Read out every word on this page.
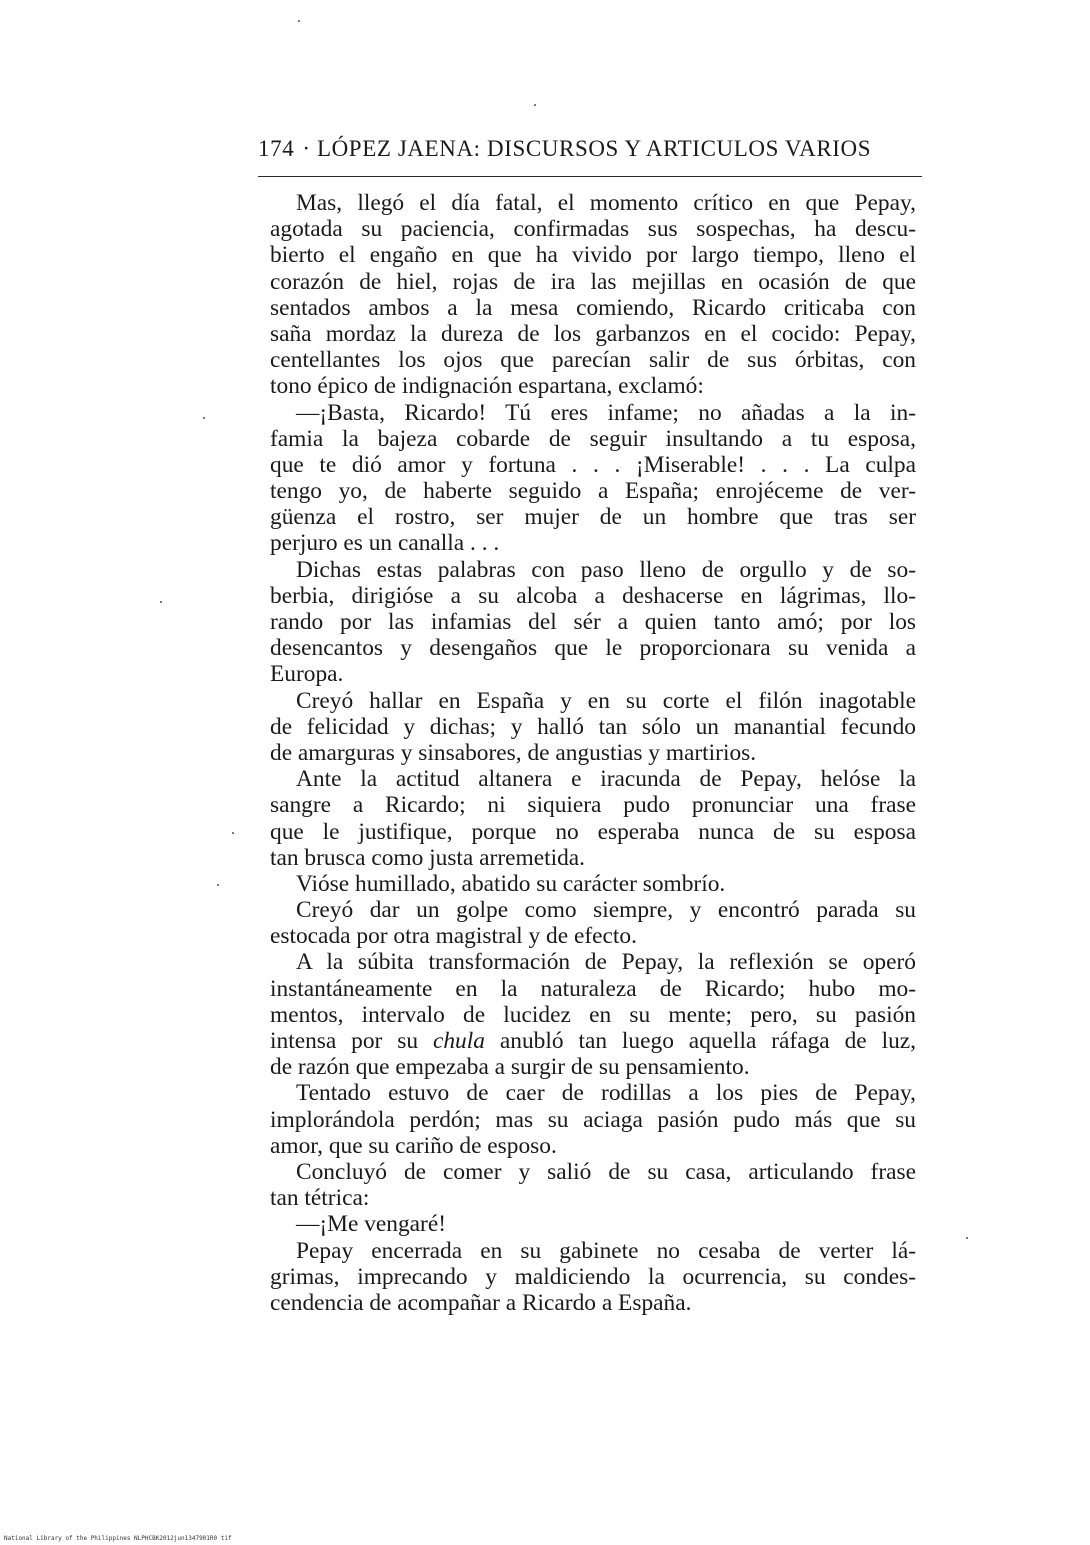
174 · LÓPEZ JAENA: DISCURSOS Y ARTICULOS VARIOS
Mas, llegó el día fatal, el momento crítico en que Pepay,
agotada su paciencia, confirmadas sus sospechas, ha descu-
bierto el engaño en que ha vivido por largo tiempo, lleno el
corazón de hiel, rojas de ira las mejillas en ocasión de que
sentados ambos a la mesa comiendo, Ricardo criticaba con
saña mordaz la dureza de los garbanzos en el cocido: Pepay,
centellantes los ojos que parecían salir de sus órbitas, con
tono épico de indignación espartana, exclamó:
—¡Basta, Ricardo! Tú eres infame; no añadas a la in-
famia la bajeza cobarde de seguir insultando a tu esposa,
que te dió amor y fortuna . . . ¡Miserable! . . . La culpa
tengo yo, de haberte seguido a España; enrojéceme de ver-
güenza el rostro, ser mujer de un hombre que tras ser
perjuro es un canalla . . .
Dichas estas palabras con paso lleno de orgullo y de so-
berbia, dirigióse a su alcoba a deshacerse en lágrimas, llo-
rando por las infamias del sér a quien tanto amó; por los
desencantos y desengaños que le proporcionara su venida a
Europa.
Creyó hallar en España y en su corte el filón inagotable
de felicidad y dichas; y halló tan sólo un manantial fecundo
de amarguras y sinsabores, de angustias y martirios.
Ante la actitud altanera e iracunda de Pepay, helóse la
sangre a Ricardo; ni siquiera pudo pronunciar una frase
que le justifique, porque no esperaba nunca de su esposa
tan brusca como justa arremetida.
Vióse humillado, abatido su carácter sombrío.
Creyó dar un golpe como siempre, y encontró parada su
estocada por otra magistral y de efecto.
A la súbita transformación de Pepay, la reflexión se operó
instantáneamente en la naturaleza de Ricardo; hubo mo-
mentos, intervalo de lucidez en su mente; pero, su pasión
intensa por su chula anubló tan luego aquella ráfaga de luz,
de razón que empezaba a surgir de su pensamiento.
Tentado estuvo de caer de rodillas a los pies de Pepay,
implorándola perdón; mas su aciaga pasión pudo más que su
amor, que su cariño de esposo.
Concluyó de comer y salió de su casa, articulando frase
tan tétrica:
—¡Me vengaré!
Pepay encerrada en su gabinete no cesaba de verter lá-
grimas, imprecando y maldiciendo la ocurrencia, su condes-
cendencia de acompañar a Ricardo a España.
National Library of the Philippines NLPHCBK2012jun1347901R0 tif
